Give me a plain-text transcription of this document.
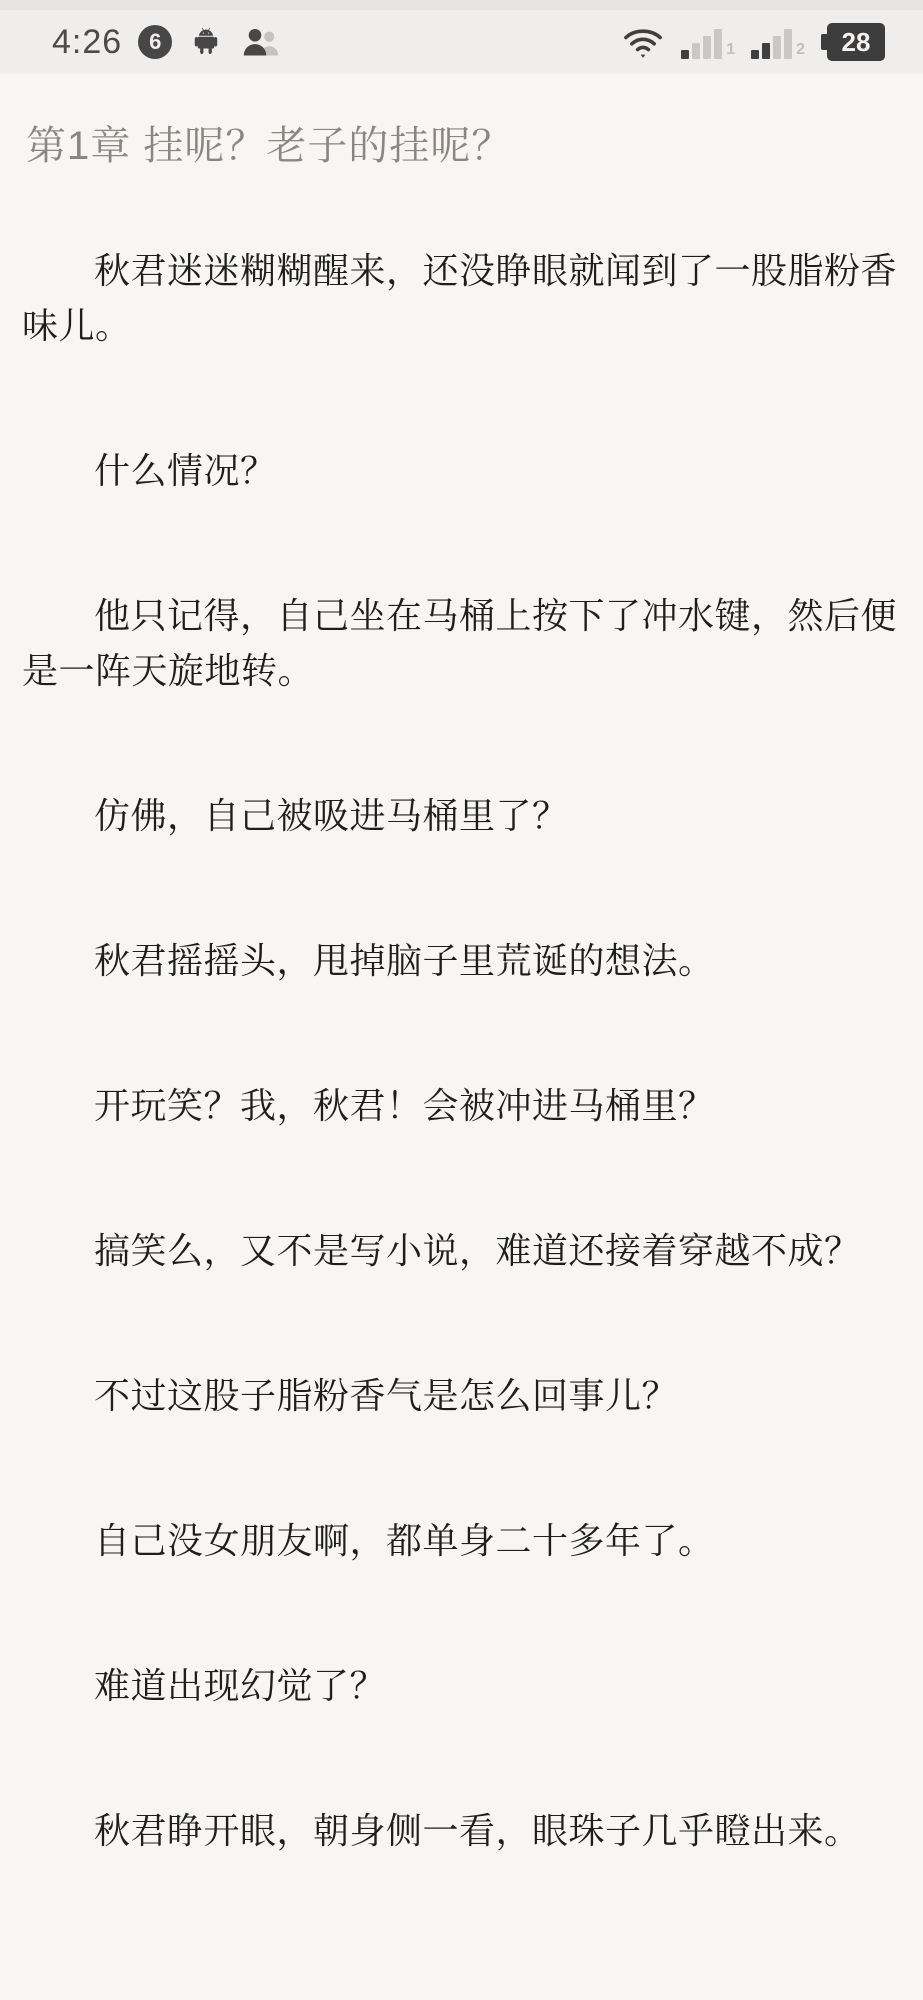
4:26	6	1	2	28
第1章 挂呢？老子的挂呢？

秋君迷迷糊糊醒来，还没睁眼就闻到了一股脂粉香味儿。

什么情况？

他只记得，自己坐在马桶上按下了冲水键，然后便是一阵天旋地转。

仿佛，自己被吸进马桶里了？

秋君摇摇头，甩掉脑子里荒诞的想法。

开玩笑？我，秋君！会被冲进马桶里？

搞笑么，又不是写小说，难道还接着穿越不成？

不过这股子脂粉香气是怎么回事儿？

自己没女朋友啊，都单身二十多年了。

难道出现幻觉了？

秋君睁开眼，朝身侧一看，眼珠子几乎瞪出来。
